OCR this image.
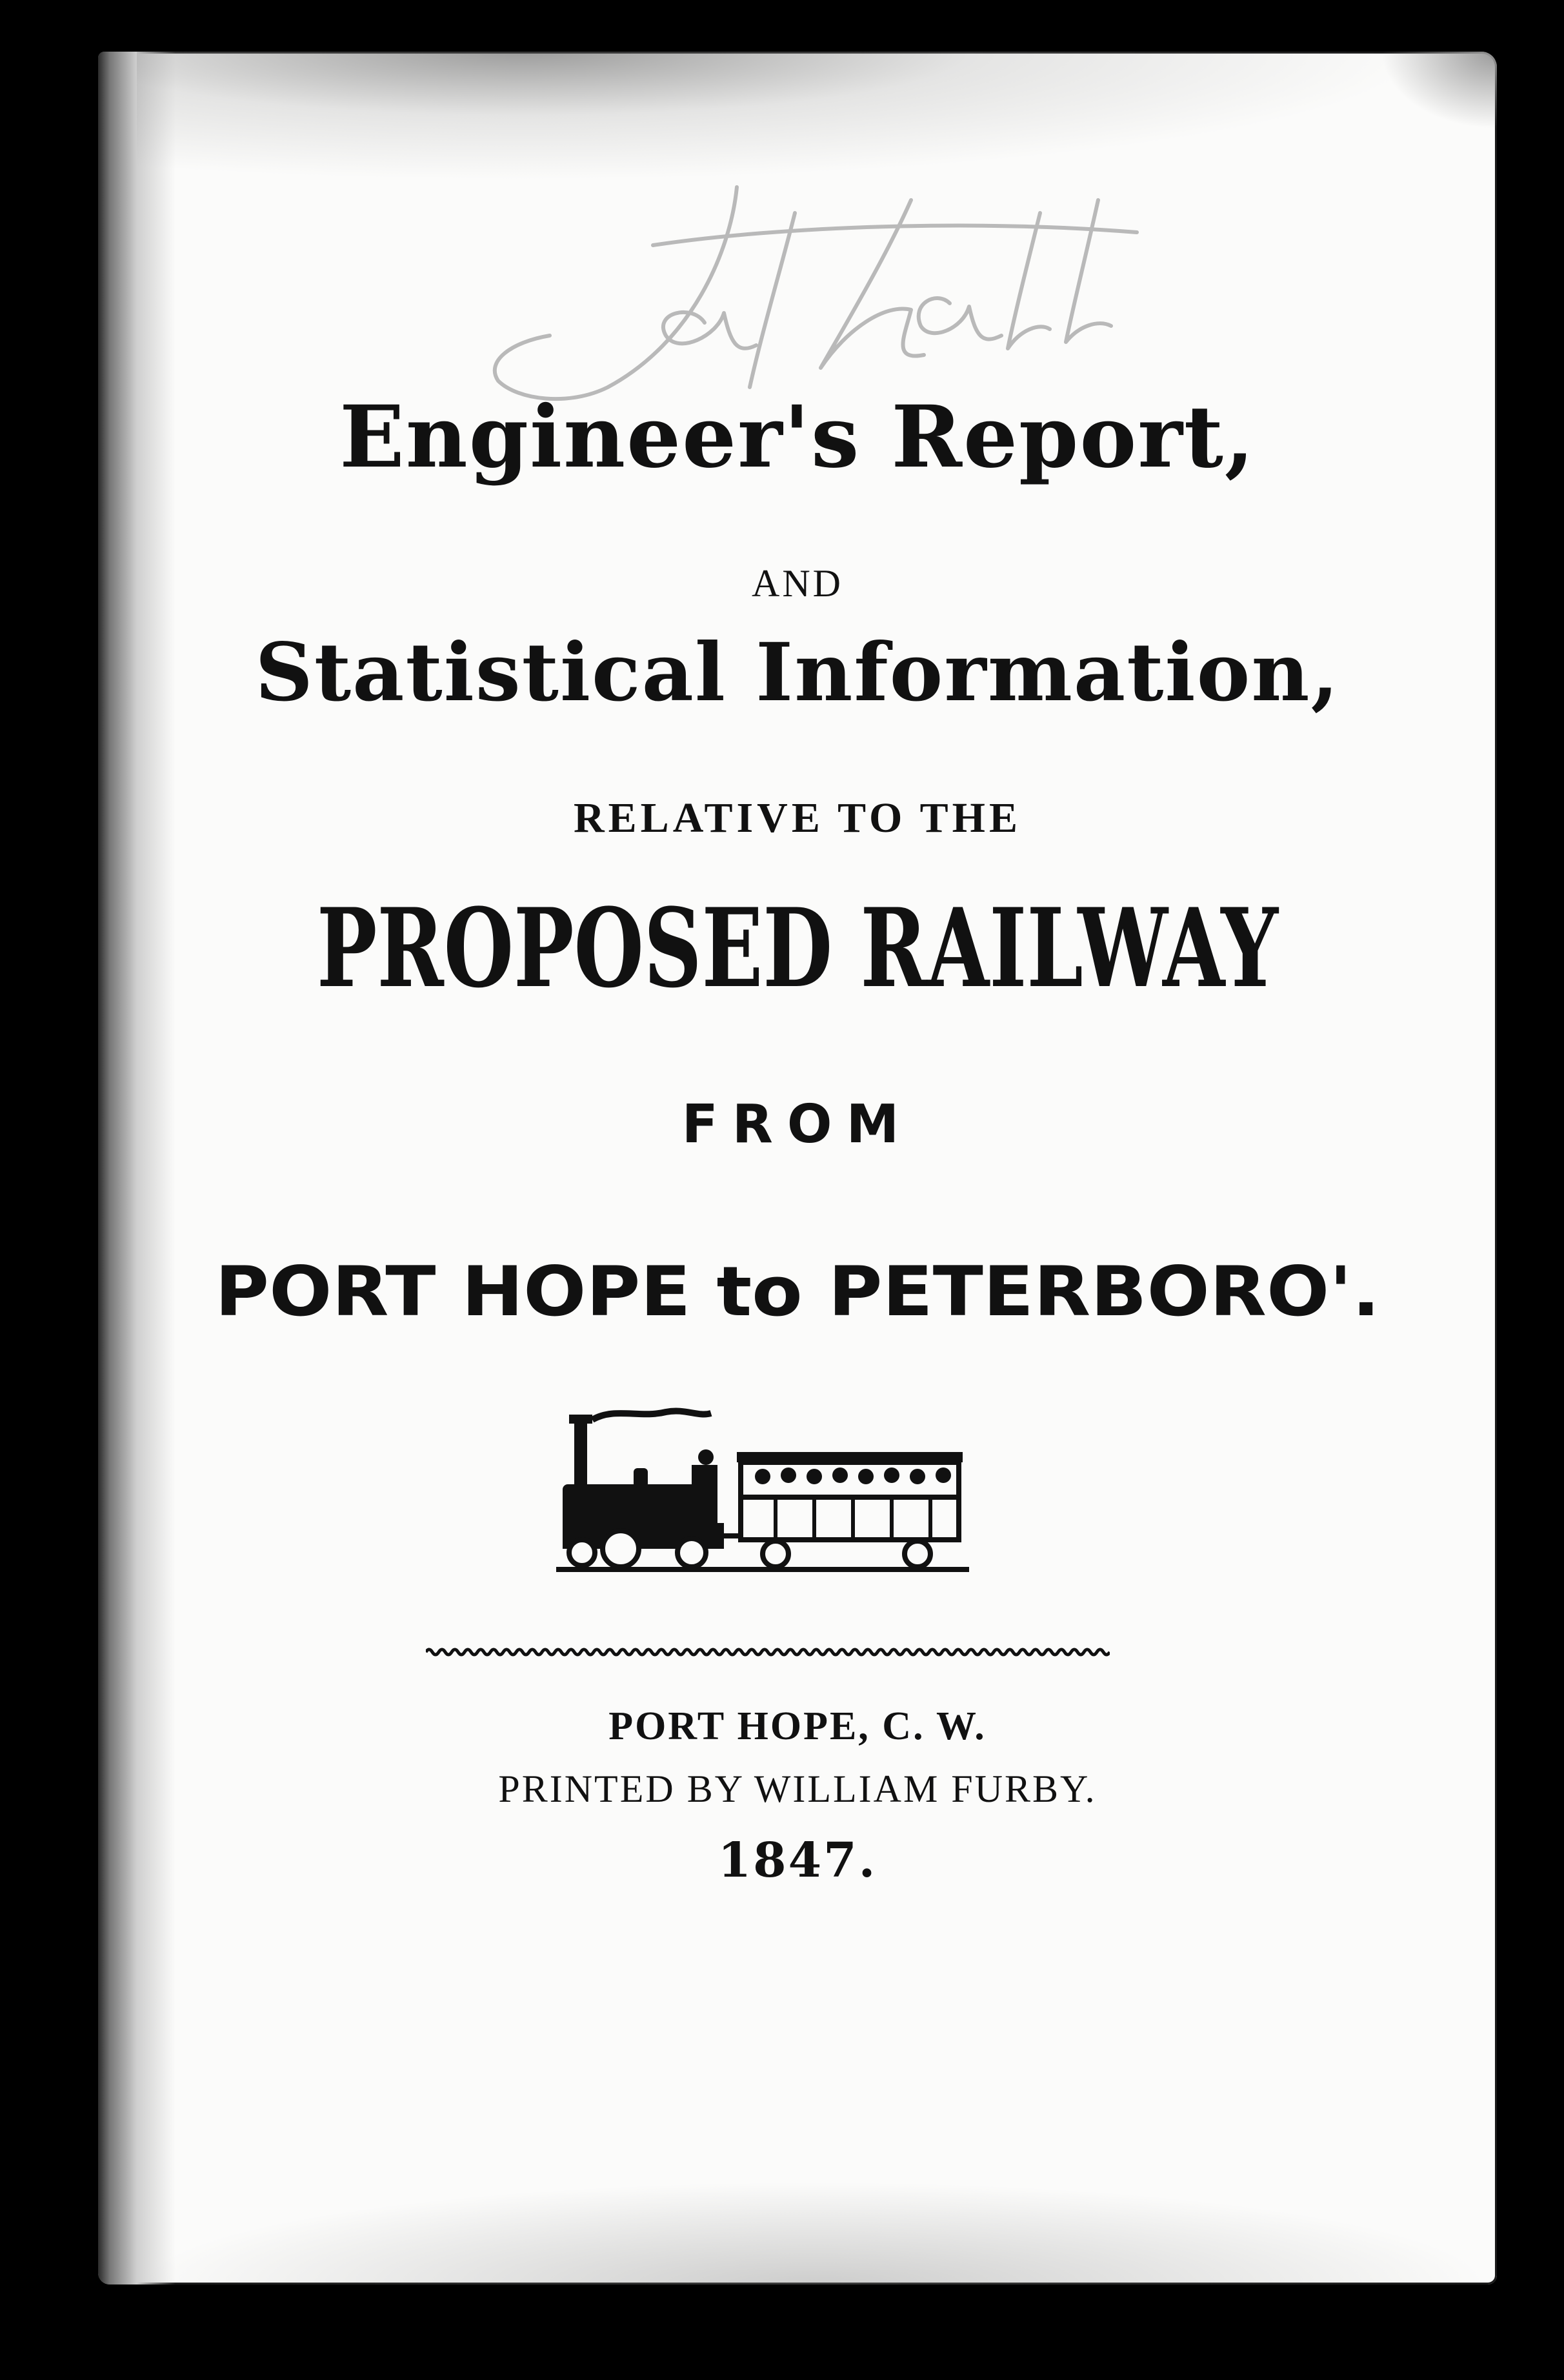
Engineer's Report,
AND
Statistical Information,
RELATIVE TO THE
PROPOSED RAILWAY
FROM
PORT HOPE to PETERBORO'.
PORT HOPE, C. W.
PRINTED BY WILLIAM FURBY.
1847.
